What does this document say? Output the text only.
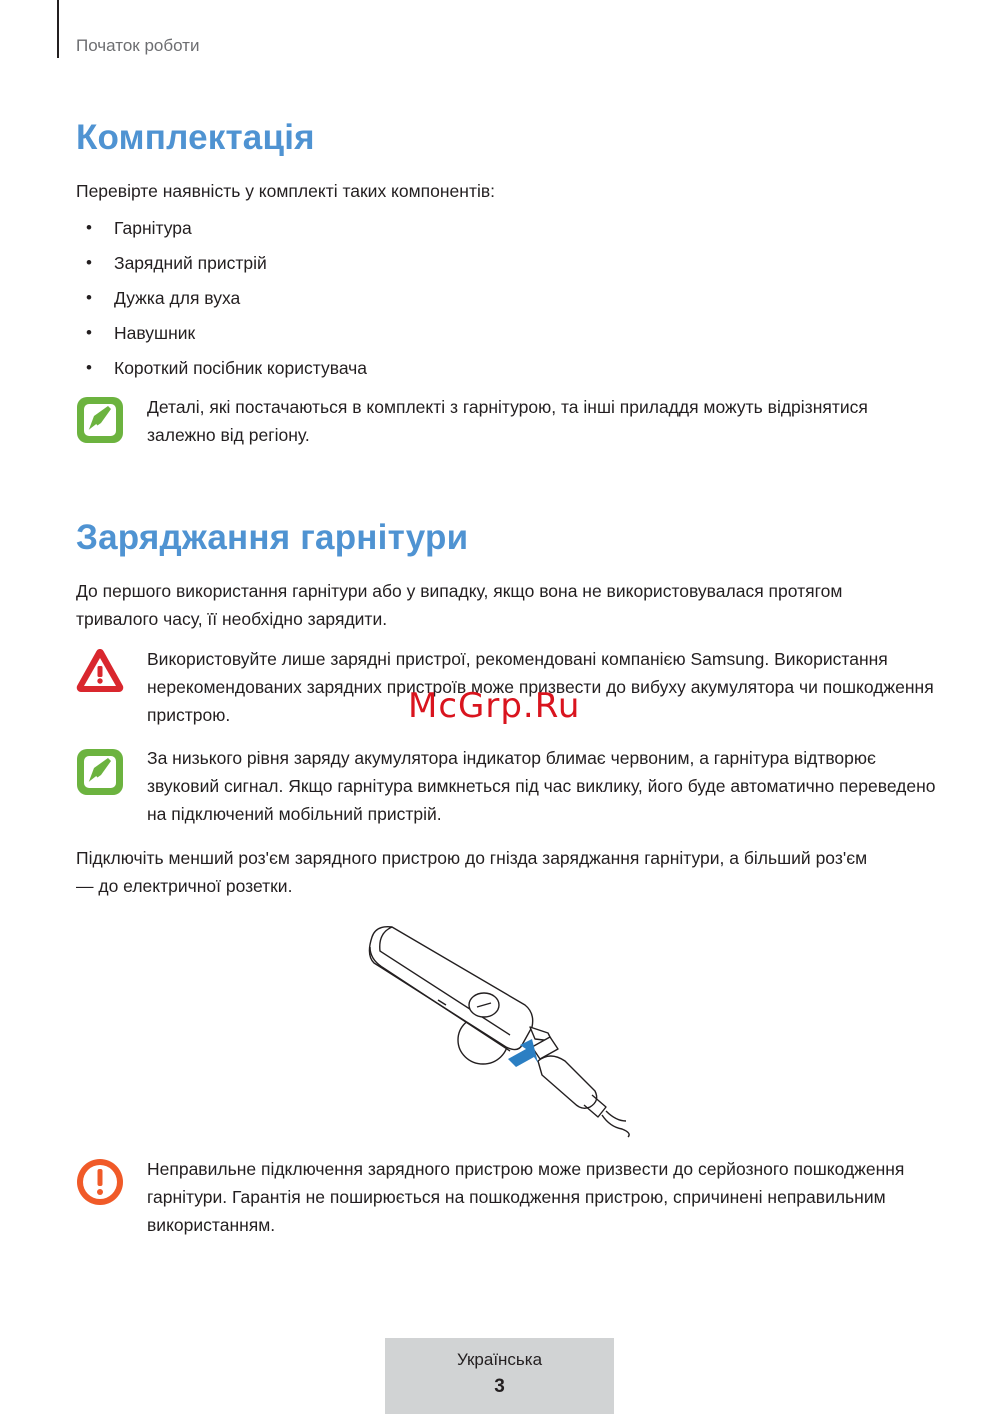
Початок роботи
Комплектація

Перевірте наявність у комплекті таких компонентів:

• Гарнітура
• Зарядний пристрій
• Дужка для вуха
• Навушник
• Короткий посібник користувача

Деталі, які постачаються в комплекті з гарнітурою, та інші приладдя можуть відрізнятися залежно від регіону.

Заряджання гарнітури

До першого використання гарнітури або у випадку, якщо вона не використовувалася протягом тривалого часу, її необхідно зарядити.

Використовуйте лише зарядні пристрої, рекомендовані компанією Samsung. Використання нерекомендованих зарядних пристроїв може призвести до вибуху акумулятора чи пошкодження пристрою.	McGrp.Ru

За низького рівня заряду акумулятора індикатор блимає червоним, а гарнітура відтворює звуковий сигнал. Якщо гарнітура вимкнеться під час виклику, його буде автоматично переведено на підключений мобільний пристрій.

Підключіть менший роз'єм зарядного пристрою до гнізда заряджання гарнітури, а більший роз'єм — до електричної розетки.

Неправильне підключення зарядного пристрою може призвести до серйозного пошкодження гарнітури. Гарантія не поширюється на пошкодження пристрою, спричинені неправильним використанням.

Українська
3
